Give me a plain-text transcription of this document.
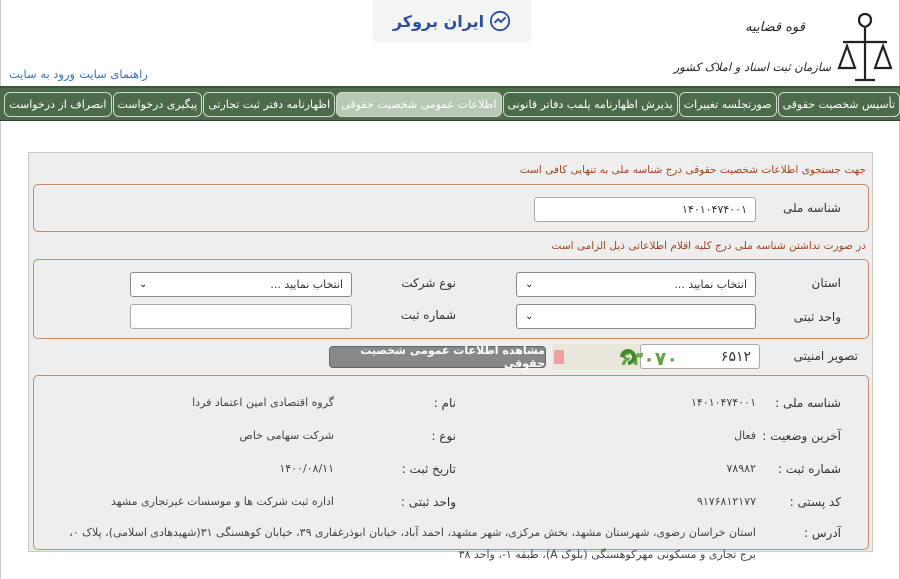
قوه قضاییه
سازمان ثبت اسناد و املاک کشور
ایران بروکر
راهنمای سایت
ورود به سایت
تأسیس شخصیت حقوقی
صورتجلسه تغییرات
پذیرش اظهارنامه پلمب دفاتر قانونی
اطلاعات عمومی شخصیت حقوقی
اظهارنامه دفتر ثبت تجارتی
پیگیری درخواست
انصراف از درخواست
جهت جستجوی اطلاعات شخصیت حقوقی درج شناسه ملی به تنهایی کافی است
شناسه ملی
۱۴۰۱۰۴۷۴۰۰۱
در صورت نداشتن شناسه ملی درج کلیه اقلام اطلاعاتی ذیل الزامی است
استان
انتخاب نمایید ...
⌄
نوع شرکت
انتخاب نمایید ...
⌄
واحد ثبتی
⌄
شماره ثبت
تصویر امنیتی
۶۵۱۲
۶۳۰۷۰
مشاهده اطلاعات عمومی شخصیت حقوقی
شناسه ملی :
۱۴۰۱۰۴۷۴۰۰۱
نام :
گروه اقتصادی امین اعتماد فردا
آخرین وضعیت :
فعال
نوع :
شرکت سهامی خاص
شماره ثبت :
۷۸۹۸۲
تاریخ ثبت :
۱۴۰۰/۰۸/۱۱
کد پستی :
۹۱۷۶۸۱۲۱۷۷
واحد ثبتی :
اداره ثبت شرکت ها و موسسات غیرتجاری مشهد
آدرس :
استان خراسان رضوی، شهرستان مشهد، بخش مرکزی، شهر مشهد، احمد آباد، خیابان ابوذرغفاری ۳۹، خیابان کوهسنگی ۳۱(شهیدهادی اسلامی)، پلاک ۰، برج تجاری و مسکونی مهرکوهسنگی (بلوک A)، طبقه ۱-، واحد ۳۸
